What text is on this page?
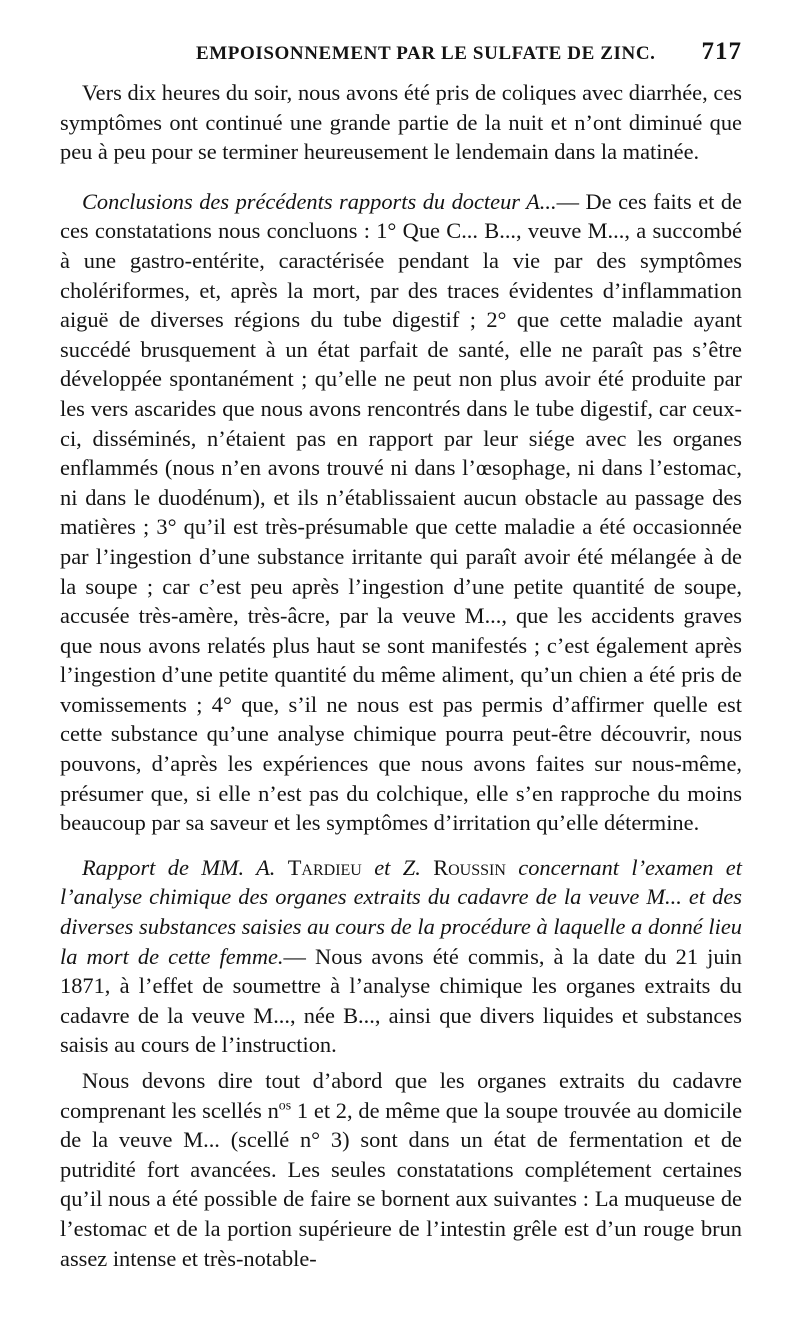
EMPOISONNEMENT PAR LE SULFATE DE ZINC. 717

Vers dix heures du soir, nous avons été pris de coliques avec diarrhée, ces symptômes ont continué une grande partie de la nuit et n’ont diminué que peu à peu pour se terminer heureusement le lendemain dans la matinée.

Conclusions des précédents rapports du docteur A...— De ces faits et de ces constatations nous concluons : 1° Que C... B..., veuve M..., a succombé à une gastro-entérite, caractérisée pendant la vie par des symptômes cholériformes, et, après la mort, par des traces évidentes d’inflammation aiguë de diverses régions du tube digestif ; 2° que cette maladie ayant succédé brusquement à un état parfait de santé, elle ne paraît pas s’être développée spontanément ; qu’elle ne peut non plus avoir été produite par les vers ascarides que nous avons rencontrés dans le tube digestif, car ceux-ci, disséminés, n’étaient pas en rapport par leur siége avec les organes enflammés (nous n’en avons trouvé ni dans l’œsophage, ni dans l’estomac, ni dans le duodénum), et ils n’établissaient aucun obstacle au passage des matières ; 3° qu’il est très-présumable que cette maladie a été occasionnée par l’ingestion d’une substance irritante qui paraît avoir été mélangée à de la soupe ; car c’est peu après l’ingestion d’une petite quantité de soupe, accusée très-amère, très-âcre, par la veuve M..., que les accidents graves que nous avons relatés plus haut se sont manifestés ; c’est également après l’ingestion d’une petite quantité du même aliment, qu’un chien a été pris de vomissements ; 4° que, s’il ne nous est pas permis d’affirmer quelle est cette substance qu’une analyse chimique pourra peut-être découvrir, nous pouvons, d’après les expériences que nous avons faites sur nous-même, présumer que, si elle n’est pas du colchique, elle s’en rapproche du moins beaucoup par sa saveur et les symptômes d’irritation qu’elle détermine.

Rapport de MM. A. Tardieu et Z. Roussin concernant l’examen et l’analyse chimique des organes extraits du cadavre de la veuve M... et des diverses substances saisies au cours de la procédure à laquelle a donné lieu la mort de cette femme.— Nous avons été commis, à la date du 21 juin 1871, à l’effet de soumettre à l’analyse chimique les organes extraits du cadavre de la veuve M..., née B..., ainsi que divers liquides et substances saisis au cours de l’instruction.

Nous devons dire tout d’abord que les organes extraits du cadavre comprenant les scellés $n^{os}$ 1 et 2, de même que la soupe trouvée au domicile de la veuve M... (scellé n° 3) sont dans un état de fermentation et de putridité fort avancées. Les seules constatations complétement certaines qu’il nous a été possible de faire se bornent aux suivantes : La muqueuse de l’estomac et de la portion supérieure de l’intestin grêle est d’un rouge brun assez intense et très-notable-
